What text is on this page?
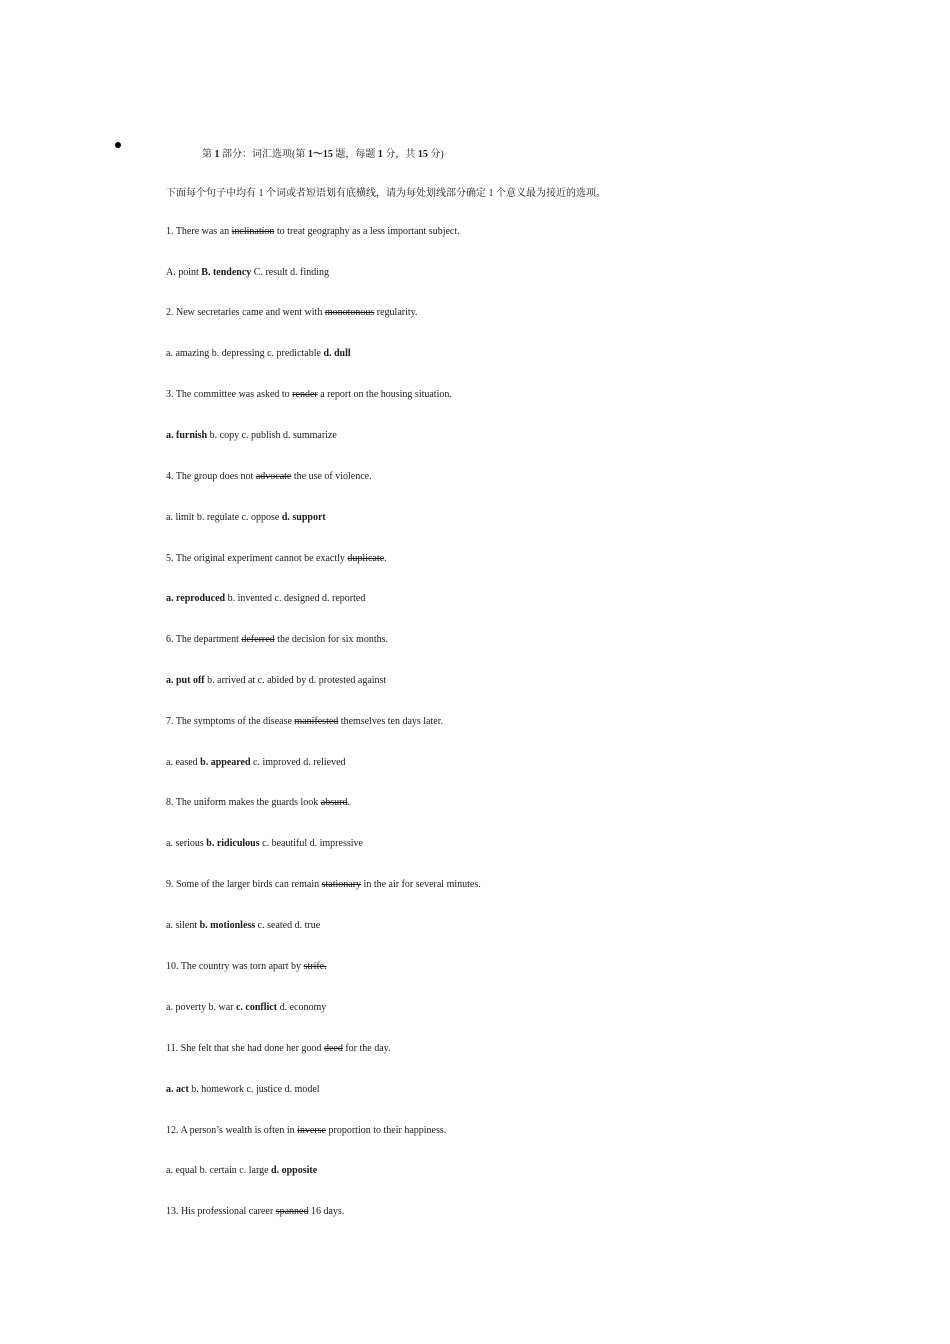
第 1 部分：词汇选项(第 1～15 题，每题 1 分，共 15 分)
下面每个句子中均有 1 个词或者短语划有底横线，请为每处划线部分确定 1 个意义最为接近的选项。
1. There was an inclination to treat geography as a less important subject.
A. point B. tendency C. result d. finding
2. New secretaries came and went with monotonous regularity.
a. amazing b. depressing c. predictable d. dull
3. The committee was asked to render a report on the housing situation.
a. furnish b. copy c. publish d. summarize
4. The group does not advocate the use of violence.
a. limit b. regulate c. oppose d. support
5. The original experiment cannot be exactly duplicate.
a. reproduced b. invented c. designed d. reported
6. The department deferred the decision for six months.
a. put off b. arrived at c. abided by d. protested against
7. The symptoms of the disease manifested themselves ten days later.
a. eased b. appeared c. improved d. relieved
8. The uniform makes the guards look absurd.
a. serious b. ridiculous c. beautiful d. impressive
9. Some of the larger birds can remain stationary in the air for several minutes.
a. silent b. motionless c. seated d. true
10. The country was torn apart by strife.
a. poverty b. war c. conflict d. economy
11. She felt that she had done her good deed for the day.
a. act b. homework c. justice d. model
12. A person’s wealth is often in inverse proportion to their happiness.
a. equal b. certain c. large d. opposite
13. His professional career spanned 16 days.
